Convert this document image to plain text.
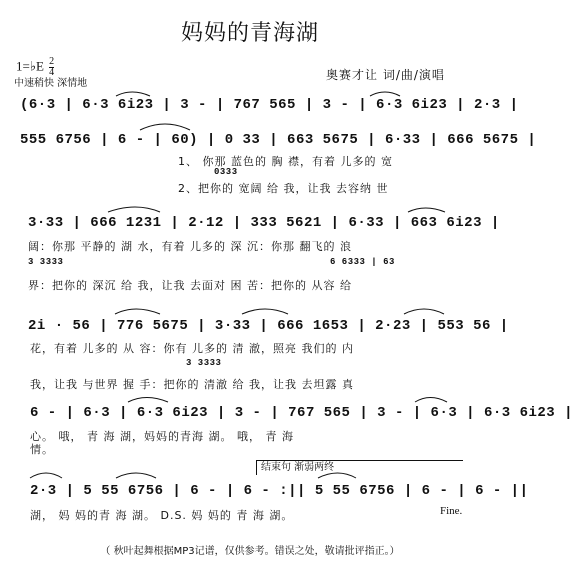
妈妈的青海湖
1=♭E $\frac{2}{4}$
中速稍快 深情地
奥赛才让 词/曲/演唱
(6·3 | 6·3 6i23 | 3 - | 767 565 | 3 - | 6·3 6i23 | 2·3 |
555 6756 | 6 - | 60) | 0 33 | 663 5675 | 6·33 | 666 5675 |
1、 你那 蓝色的 胸 襟，有着 儿多的 宽
0333
2、把你的 宽阔 给 我，让我 去容纳 世
3·33 | 666 1231 | 2·12 | 333 5621 | 6·33 | 663 6i23 |
阔：你那 平静的 湖 水，有着 儿多的 深 沉：你那 翻飞的 浪
3 3333	6 6333 | 63
界：把你的 深沉 给 我，让我 去面对 困 苦：把你的 从容 给
2i · 56 | 776 5675 | 3·33 | 666 1653 | 2·23 | 553 56 |
花，有着 儿多的 从 容：你有 儿多的 清 澈，照亮 我们的 内
3 3333
我，让我 与世界 握 手：把你的 清澈 给 我，让我 去坦露 真
6 - | 6·3 | 6·3 6i23 | 3 - | 767 565 | 3 - | 6·3 | 6·3 6i23 |
心。 哦， 青 海 湖，妈妈的青海 湖。 哦， 青 海
情。
结束句 渐弱两终
2·3 | 5 55 6756 | 6 - | 6 - :|| 5 55 6756 | 6 - | 6 - ||
湖， 妈 妈的青 海 湖。 D.S. 妈 妈的 青 海 湖。	Fine.
（ 秋叶起舞根据MP3记谱，仅供参考。错误之处，敬请批评指正。）
